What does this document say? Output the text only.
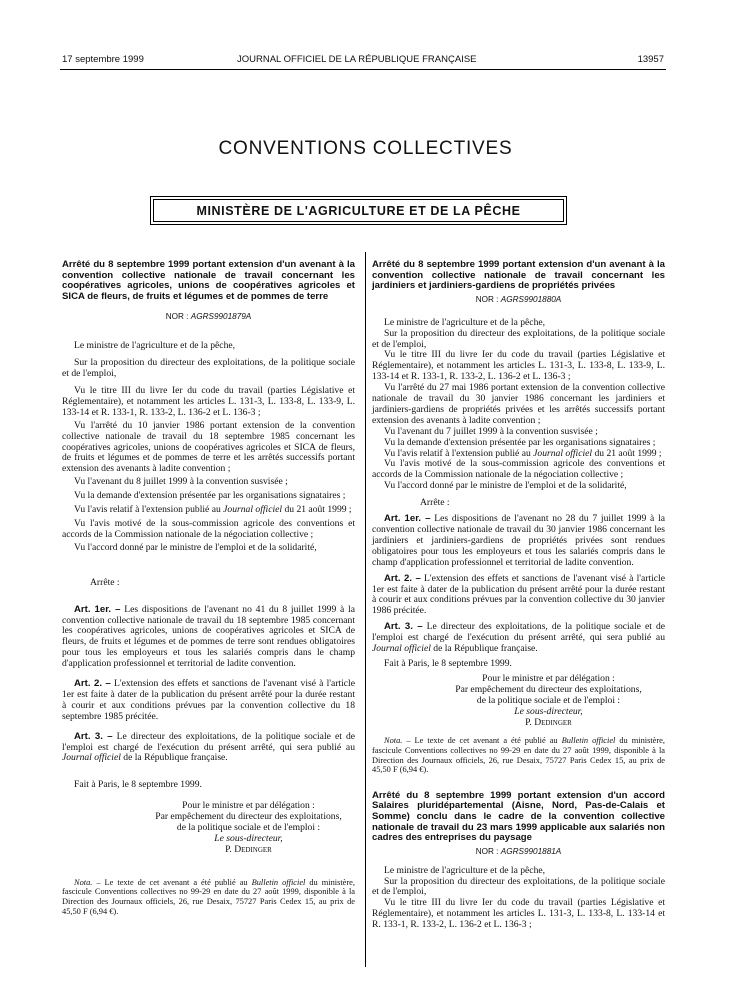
17 septembre 1999	JOURNAL OFFICIEL DE LA RÉPUBLIQUE FRANÇAISE	13957
CONVENTIONS COLLECTIVES
MINISTÈRE DE L'AGRICULTURE ET DE LA PÊCHE

Arrêté du 8 septembre 1999 portant extension d'un avenant à la convention collective nationale de travail concernant les coopératives agricoles, unions de coopératives agricoles et SICA de fleurs, de fruits et légumes et de pommes de terre

NOR : AGRS9901879A

Le ministre de l'agriculture et de la pêche,

Sur la proposition du directeur des exploitations, de la politique sociale et de l'emploi,

Vu le titre III du livre Ier du code du travail (parties Législative et Réglementaire), et notamment les articles L. 131-3, L. 133-8, L. 133-9, L. 133-14 et R. 133-1, R. 133-2, L. 136-2 et L. 136-3 ;

Vu l'arrêté du 10 janvier 1986 portant extension de la convention collective nationale de travail du 18 septembre 1985 concernant les coopératives agricoles, unions de coopératives agricoles et SICA de fleurs, de fruits et légumes et de pommes de terre et les arrêtés successifs portant extension des avenants à ladite convention ;

Vu l'avenant du 8 juillet 1999 à la convention susvisée ;

Vu la demande d'extension présentée par les organisations signataires ;

Vu l'avis relatif à l'extension publié au Journal officiel du 21 août 1999 ;

Vu l'avis motivé de la sous-commission agricole des conventions et accords de la Commission nationale de la négociation collective ;

Vu l'accord donné par le ministre de l'emploi et de la solidarité,

Arrête :

Art. 1er. – Les dispositions de l'avenant no 41 du 8 juillet 1999 à la convention collective nationale de travail du 18 septembre 1985 concernant les coopératives agricoles, unions de coopératives agricoles et SICA de fleurs, de fruits et légumes et de pommes de terre sont rendues obligatoires pour tous les employeurs et tous les salariés compris dans le champ d'application professionnel et territorial de ladite convention.

Art. 2. – L'extension des effets et sanctions de l'avenant visé à l'article 1er est faite à dater de la publication du présent arrêté pour la durée restant à courir et aux conditions prévues par la convention collective du 18 septembre 1985 précitée.

Art. 3. – Le directeur des exploitations, de la politique sociale et de l'emploi est chargé de l'exécution du présent arrêté, qui sera publié au Journal officiel de la République française.

Fait à Paris, le 8 septembre 1999.

Pour le ministre et par délégation :

Par empêchement du directeur des exploitations,

de la politique sociale et de l'emploi :

Le sous-directeur,

P. Dedinger

Nota. – Le texte de cet avenant a été publié au Bulletin officiel du ministère, fascicule Conventions collectives no 99-29 en date du 27 août 1999, disponible à la Direction des Journaux officiels, 26, rue Desaix, 75727 Paris Cedex 15, au prix de 45,50 F (6,94 €).

Arrêté du 8 septembre 1999 portant extension d'un avenant à la convention collective nationale de travail concernant les jardiniers et jardiniers-gardiens de propriétés privées

NOR : AGRS9901880A

Le ministre de l'agriculture et de la pêche,

Sur la proposition du directeur des exploitations, de la politique sociale et de l'emploi,

Vu le titre III du livre Ier du code du travail (parties Législative et Réglementaire), et notamment les articles L. 131-3, L. 133-8, L. 133-9, L. 133-14 et R. 133-1, R. 133-2, L. 136-2 et L. 136-3 ;

Vu l'arrêté du 27 mai 1986 portant extension de la convention collective nationale de travail du 30 janvier 1986 concernant les jardiniers et jardiniers-gardiens de propriétés privées et les arrêtés successifs portant extension des avenants à ladite convention ;

Vu l'avenant du 7 juillet 1999 à la convention susvisée ;

Vu la demande d'extension présentée par les organisations signataires ;

Vu l'avis relatif à l'extension publié au Journal officiel du 21 août 1999 ;

Vu l'avis motivé de la sous-commission agricole des conventions et accords de la Commission nationale de la négociation collective ;

Vu l'accord donné par le ministre de l'emploi et de la solidarité,

Arrête :

Art. 1er. – Les dispositions de l'avenant no 28 du 7 juillet 1999 à la convention collective nationale de travail du 30 janvier 1986 concernant les jardiniers et jardiniers-gardiens de propriétés privées sont rendues obligatoires pour tous les employeurs et tous les salariés compris dans le champ d'application professionnel et territorial de ladite convention.

Art. 2. – L'extension des effets et sanctions de l'avenant visé à l'article 1er est faite à dater de la publication du présent arrêté pour la durée restant à courir et aux conditions prévues par la convention collective du 30 janvier 1986 précitée.

Art. 3. – Le directeur des exploitations, de la politique sociale et de l'emploi est chargé de l'exécution du présent arrêté, qui sera publié au Journal officiel de la République française.

Fait à Paris, le 8 septembre 1999.

Pour le ministre et par délégation :

Par empêchement du directeur des exploitations,

de la politique sociale et de l'emploi :

Le sous-directeur,

P. Dedinger

Nota. – Le texte de cet avenant a été publié au Bulletin officiel du ministère, fascicule Conventions collectives no 99-29 en date du 27 août 1999, disponible à la Direction des Journaux officiels, 26, rue Desaix, 75727 Paris Cedex 15, au prix de 45,50 F (6,94 €).

Arrêté du 8 septembre 1999 portant extension d'un accord Salaires pluridépartemental (Aisne, Nord, Pas-de-Calais et Somme) conclu dans le cadre de la convention collective nationale de travail du 23 mars 1999 applicable aux salariés non cadres des entreprises du paysage

NOR : AGRS9901881A

Le ministre de l'agriculture et de la pêche,

Sur la proposition du directeur des exploitations, de la politique sociale et de l'emploi,

Vu le titre III du livre Ier du code du travail (parties Législative et Réglementaire), et notamment les articles L. 131-3, L. 133-8, L. 133-14 et R. 133-1, R. 133-2, L. 136-2 et L. 136-3 ;
